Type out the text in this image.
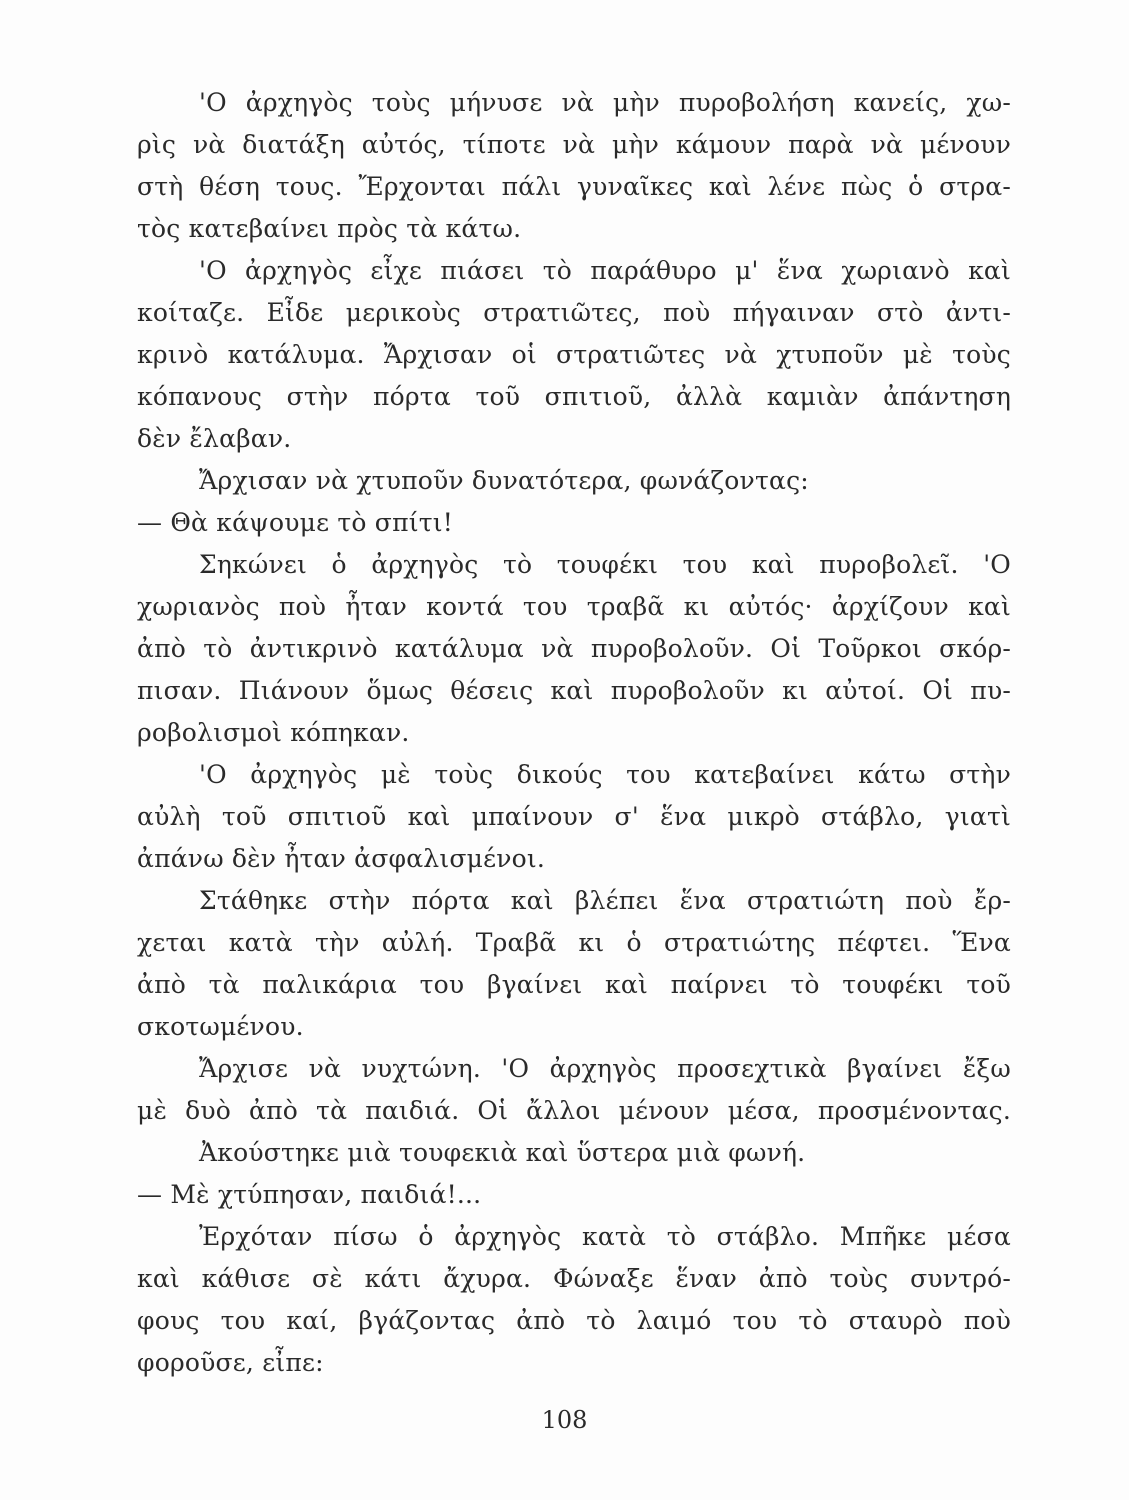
'Ο ἀρχηγὸς τοὺς μήνυσε νὰ μὴν πυροβολήση κανείς, χω-
ρὶς νὰ διατάξη αὐτός, τίποτε νὰ μὴν κάμουν παρὰ νὰ μένουν
στὴ θέση τους. Ἔρχονται πάλι γυναῖκες καὶ λένε πὼς ὁ στρα-
τὸς κατεβαίνει πρὸς τὰ κάτω.
'Ο ἀρχηγὸς εἶχε πιάσει τὸ παράθυρο μ' ἕνα χωριανὸ καὶ
κοίταζε. Εἶδε μερικοὺς στρατιῶτες, ποὺ πήγαιναν στὸ ἀντι-
κρινὸ κατάλυμα. Ἄρχισαν οἱ στρατιῶτες νὰ χτυποῦν μὲ τοὺς
κόπανους στὴν πόρτα τοῦ σπιτιοῦ, ἀλλὰ καμιὰν ἀπάντηση
δὲν ἔλαβαν.
Ἄρχισαν νὰ χτυποῦν δυνατότερα, φωνάζοντας:
— Θὰ κάψουμε τὸ σπίτι!
Σηκώνει ὁ ἀρχηγὸς τὸ τουφέκι του καὶ πυροβολεῖ. 'Ο
χωριανὸς ποὺ ἦταν κοντά του τραβᾶ κι αὐτός· ἀρχίζουν καὶ
ἀπὸ τὸ ἀντικρινὸ κατάλυμα νὰ πυροβολοῦν. Οἱ Τοῦρκοι σκόρ-
πισαν. Πιάνουν ὅμως θέσεις καὶ πυροβολοῦν κι αὐτοί. Οἱ πυ-
ροβολισμοὶ κόπηκαν.
'Ο ἀρχηγὸς μὲ τοὺς δικούς του κατεβαίνει κάτω στὴν
αὐλὴ τοῦ σπιτιοῦ καὶ μπαίνουν σ' ἕνα μικρὸ στάβλο, γιατὶ
ἀπάνω δὲν ἦταν ἀσφαλισμένοι.
Στάθηκε στὴν πόρτα καὶ βλέπει ἕνα στρατιώτη ποὺ ἔρ-
χεται κατὰ τὴν αὐλή. Τραβᾶ κι ὁ στρατιώτης πέφτει. Ἕνα
ἀπὸ τὰ παλικάρια του βγαίνει καὶ παίρνει τὸ τουφέκι τοῦ
σκοτωμένου.
Ἄρχισε νὰ νυχτώνη. 'Ο ἀρχηγὸς προσεχτικὰ βγαίνει ἔξω
μὲ δυὸ ἀπὸ τὰ παιδιά. Οἱ ἄλλοι μένουν μέσα, προσμένοντας.
Ἀκούστηκε μιὰ τουφεκιὰ καὶ ὕστερα μιὰ φωνή.
— Μὲ χτύπησαν, παιδιά!...
Ἐρχόταν πίσω ὁ ἀρχηγὸς κατὰ τὸ στάβλο. Μπῆκε μέσα
καὶ κάθισε σὲ κάτι ἄχυρα. Φώναξε ἕναν ἀπὸ τοὺς συντρό-
φους του καί, βγάζοντας ἀπὸ τὸ λαιμό του τὸ σταυρὸ ποὺ
φοροῦσε, εἶπε:
108
